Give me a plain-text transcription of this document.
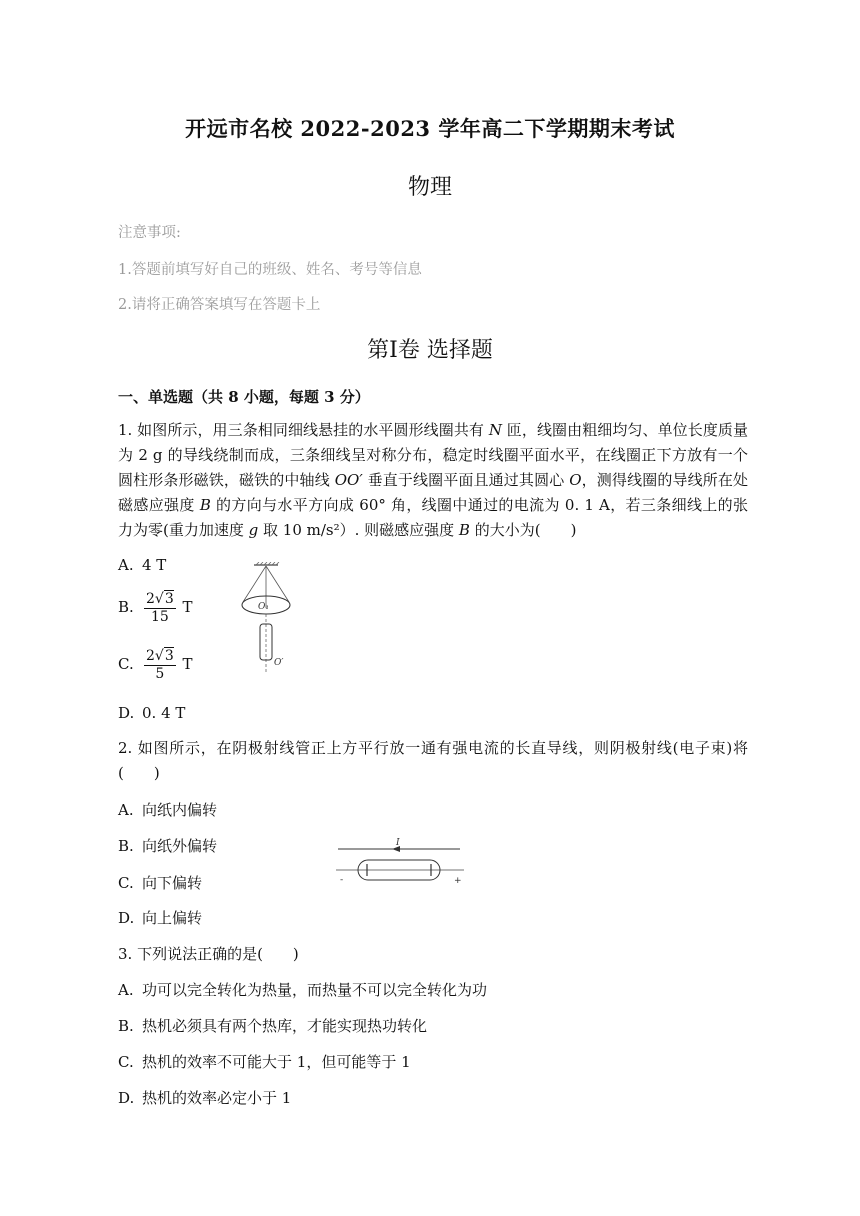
开远市名校 2022-2023 学年高二下学期期末考试
物理
注意事项:
1.答题前填写好自己的班级、姓名、考号等信息
2.请将正确答案填写在答题卡上
第Ⅰ卷 选择题
一、单选题（共 8 小题，每题 3 分）
1. 如图所示，用三条相同细线悬挂的水平圆形线圈共有 N 匝，线圈由粗细均匀、单位长度质量为 2 g 的导线绕制而成，三条细线呈对称分布，稳定时线圈平面水平，在线圈正下方放有一个圆柱形条形磁铁，磁铁的中轴线 OO′ 垂直于线圈平面且通过其圆心 O，测得线圈的导线所在处磁感应强度 B 的方向与水平方向成 60° 角，线圈中通过的电流为 0. 1 A，若三条细线上的张力为零(重力加速度 g 取 10 m/s²）. 则磁感应强度 B 的大小为(　　)
A. 4 T
B. $\frac{2√3}{15}$ T
C. $\frac{2√3}{5}$ T
D. 0. 4 T
O₁
O′
2. 如图所示，在阴极射线管正上方平行放一通有强电流的长直导线，则阴极射线(电子束)将(　　)
A. 向纸内偏转
B. 向纸外偏转
C. 向下偏转
D. 向上偏转
I
-	+
3. 下列说法正确的是(　　)
A. 功可以完全转化为热量，而热量不可以完全转化为功
B. 热机必须具有两个热库，才能实现热功转化
C. 热机的效率不可能大于 1，但可能等于 1
D. 热机的效率必定小于 1
